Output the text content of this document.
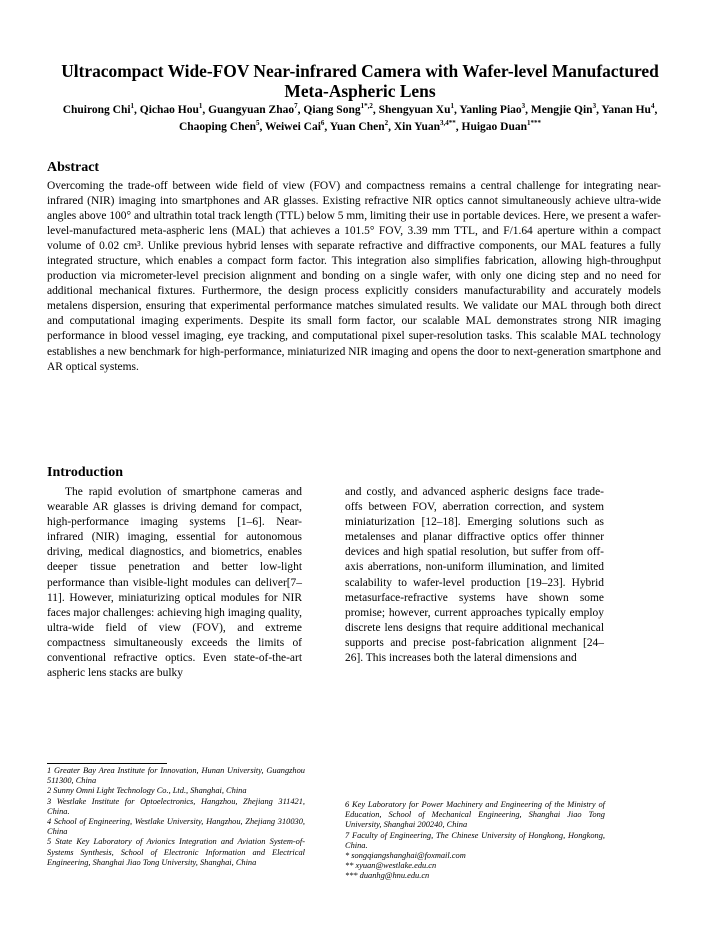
Ultracompact Wide-FOV Near-infrared Camera with Wafer-level Manufactured Meta-Aspheric Lens
Chuirong Chi$^1$, Qichao Hou$^1$, Guangyuan Zhao$^7$, Qiang Song$^{1*,2}$, Shengyuan Xu$^1$, Yanling Piao$^3$, Mengjie Qin$^3$, Yanan Hu$^4$, Chaoping Chen$^5$, Weiwei Cai$^6$, Yuan Chen$^2$, Xin Yuan$^{3,4**}$, Huigao Duan$^{1***}$
Abstract

Overcoming the trade-off between wide field of view (FOV) and compactness remains a central challenge for integrating near-infrared (NIR) imaging into smartphones and AR glasses. Existing refractive NIR optics cannot simultaneously achieve ultra-wide angles above 100° and ultrathin total track length (TTL) below 5 mm, limiting their use in portable devices. Here, we present a wafer-level-manufactured meta-aspheric lens (MAL) that achieves a 101.5° FOV, 3.39 mm TTL, and F/1.64 aperture within a compact volume of 0.02 cm³. Unlike previous hybrid lenses with separate refractive and diffractive components, our MAL features a fully integrated structure, which enables a compact form factor. This integration also simplifies fabrication, allowing high-throughput production via micrometer-level precision alignment and bonding on a single wafer, with only one dicing step and no need for additional mechanical fixtures. Furthermore, the design process explicitly considers manufacturability and accurately models metalens dispersion, ensuring that experimental performance matches simulated results. We validate our MAL through both direct and computational imaging experiments. Despite its small form factor, our scalable MAL demonstrates strong NIR imaging performance in blood vessel imaging, eye tracking, and computational pixel super-resolution tasks. This scalable MAL technology establishes a new benchmark for high-performance, miniaturized NIR imaging and opens the door to next-generation smartphone and AR optical systems.

Introduction

The rapid evolution of smartphone cameras and wearable AR glasses is driving demand for compact, high-performance imaging systems [1–6]. Near-infrared (NIR) imaging, essential for autonomous driving, medical diagnostics, and biometrics, enables deeper tissue penetration and better low-light performance than visible-light modules can deliver[7–11]. However, miniaturizing optical modules for NIR faces major challenges: achieving high imaging quality, ultra-wide field of view (FOV), and extreme compactness simultaneously exceeds the limits of conventional refractive optics. Even state-of-the-art aspheric lens stacks are bulky

and costly, and advanced aspheric designs face trade-offs between FOV, aberration correction, and system miniaturization [12–18]. Emerging solutions such as metalenses and planar diffractive optics offer thinner devices and high spatial resolution, but suffer from off-axis aberrations, non-uniform illumination, and limited scalability to wafer-level production [19–23]. Hybrid metasurface-refractive systems have shown some promise; however, current approaches typically employ discrete lens designs that require additional mechanical supports and precise post-fabrication alignment [24–26]. This increases both the lateral dimensions and

1 Greater Bay Area Institute for Innovation, Hunan University, Guangzhou 511300, China
2 Sunny Omni Light Technology Co., Ltd., Shanghai, China
3 Westlake Institute for Optoelectronics, Hangzhou, Zhejiang 311421, China.
4 School of Engineering, Westlake University, Hangzhou, Zhejiang 310030, China
5 State Key Laboratory of Avionics Integration and Aviation System-of-Systems Synthesis, School of Electronic Information and Electrical Engineering, Shanghai Jiao Tong University, Shanghai, China
6 Key Laboratory for Power Machinery and Engineering of the Ministry of Education, School of Mechanical Engineering, Shanghai Jiao Tong University, Shanghai 200240, China
7 Faculty of Engineering, The Chinese University of Hongkong, Hongkong, China.
* songqiangshanghai@foxmail.com
** xyuan@westlake.edu.cn
*** duanhg@hnu.edu.cn
